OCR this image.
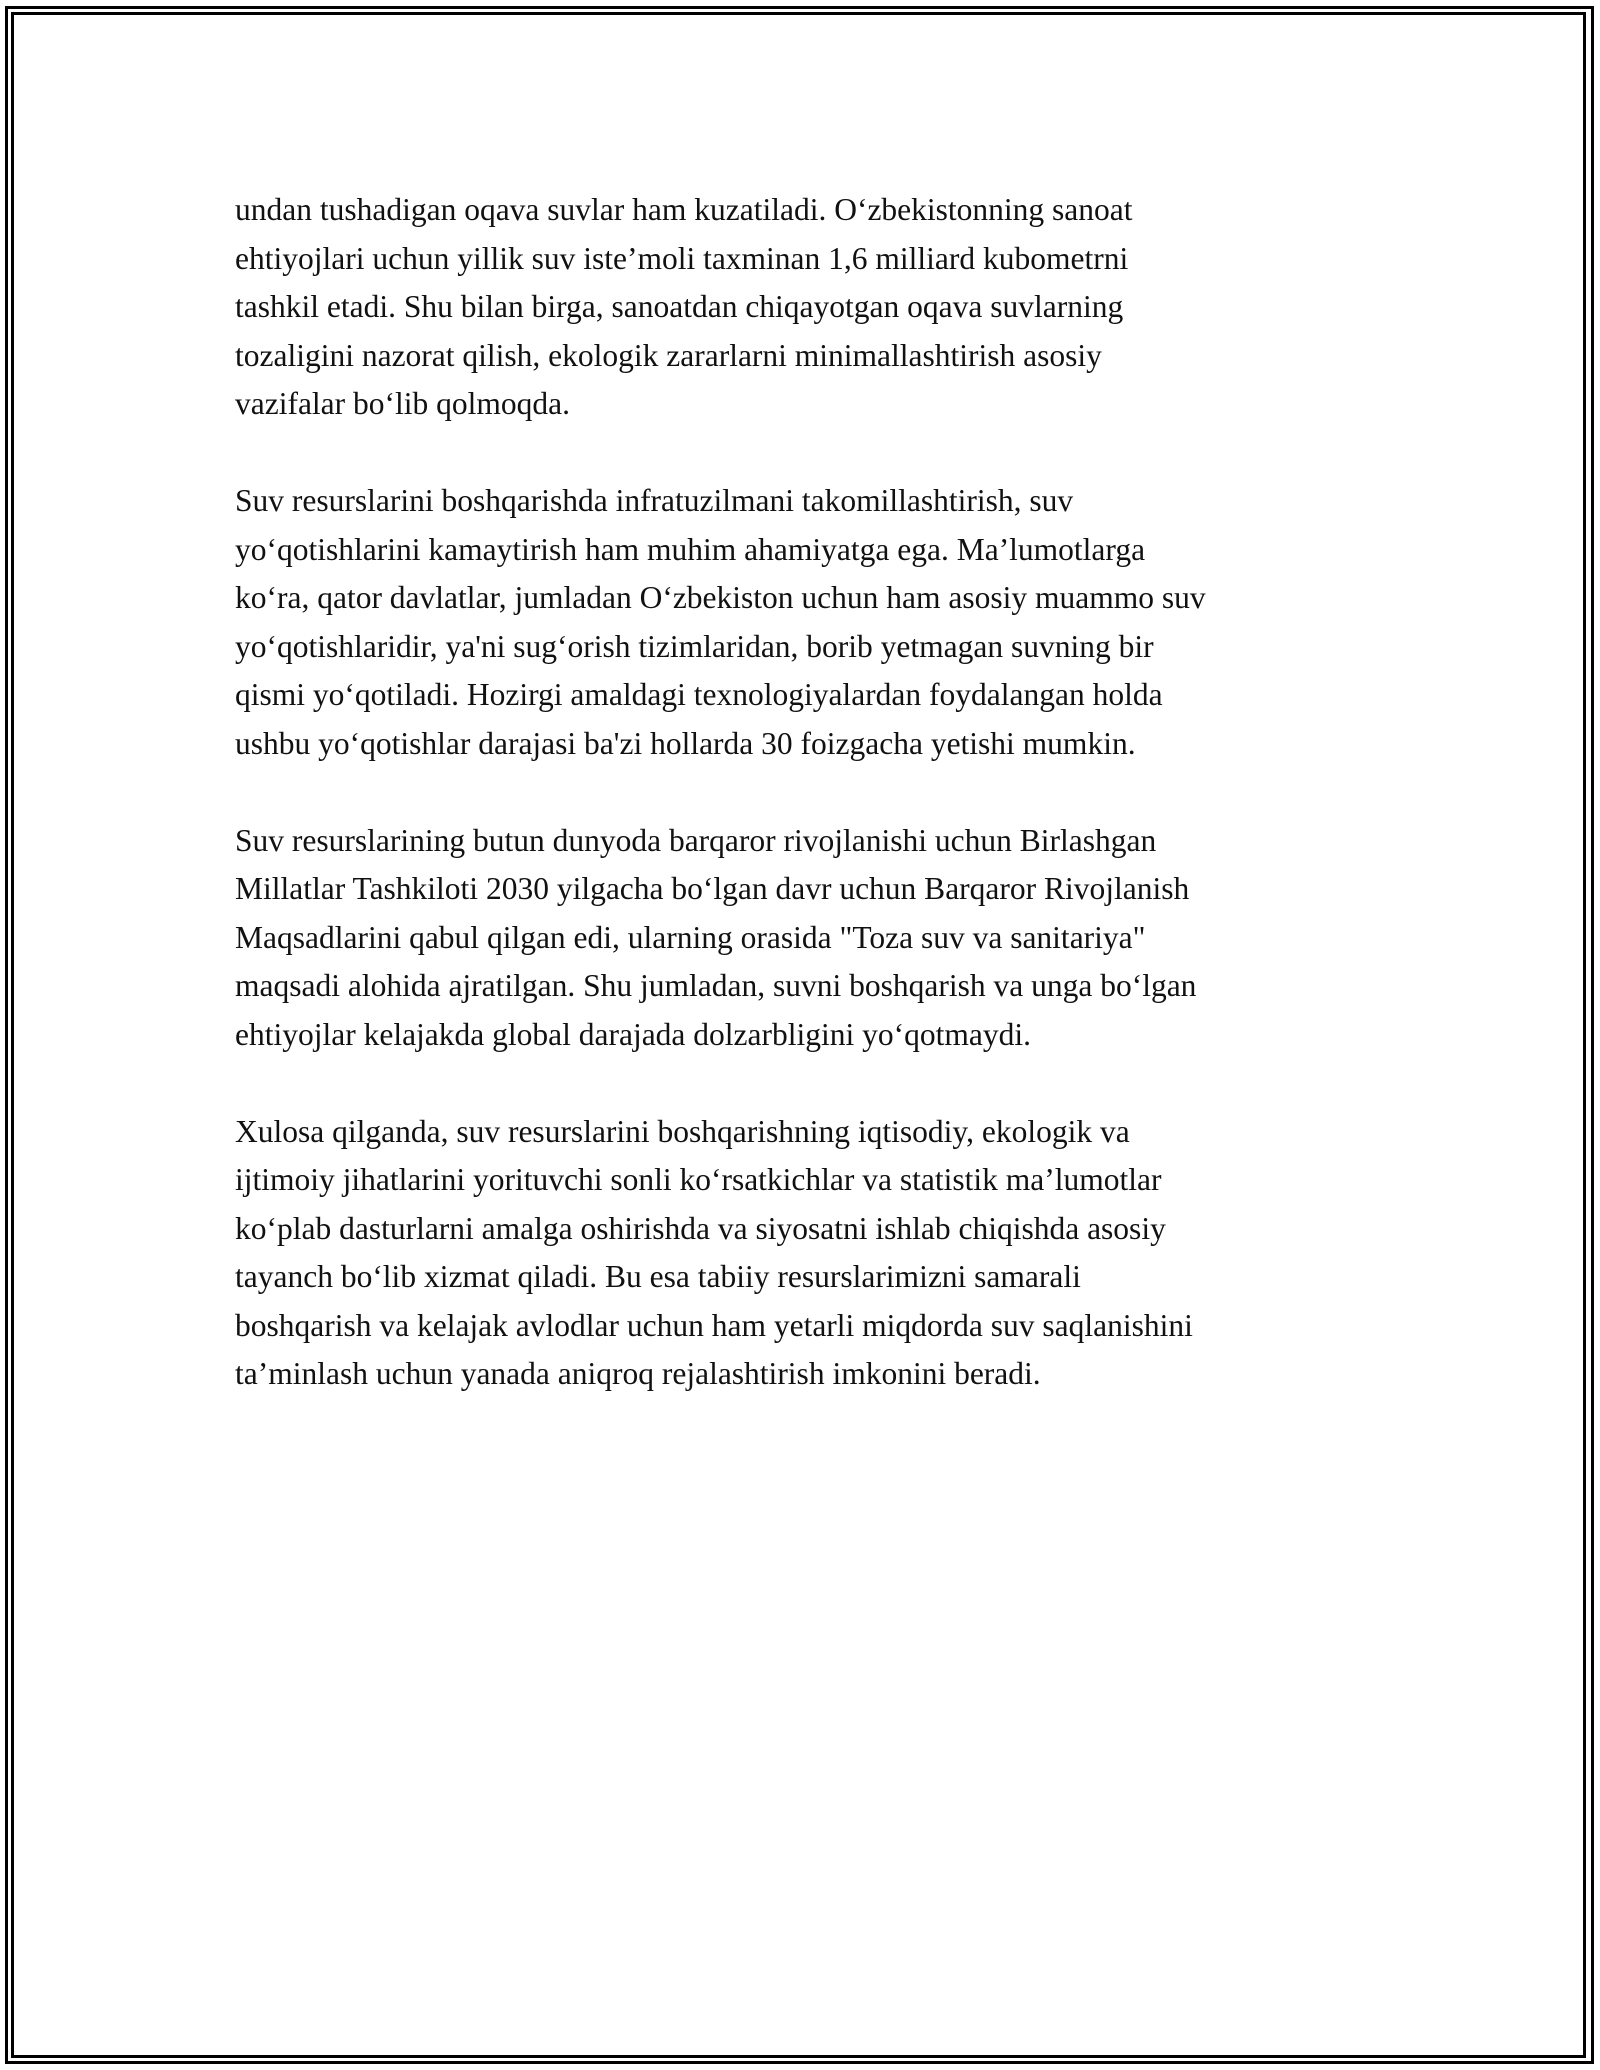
undan tushadigan oqava suvlar ham kuzatiladi. O‘zbekistonning sanoat
ehtiyojlari uchun yillik suv iste’moli taxminan 1,6 milliard kubometrni
tashkil etadi. Shu bilan birga, sanoatdan chiqayotgan oqava suvlarning
tozaligini nazorat qilish, ekologik zararlarni minimallashtirish asosiy
vazifalar bo‘lib qolmoqda.

Suv resurslarini boshqarishda infratuzilmani takomillashtirish, suv
yo‘qotishlarini kamaytirish ham muhim ahamiyatga ega. Ma’lumotlarga
ko‘ra, qator davlatlar, jumladan O‘zbekiston uchun ham asosiy muammo suv
yo‘qotishlaridir, ya'ni sug‘orish tizimlaridan, borib yetmagan suvning bir
qismi yo‘qotiladi. Hozirgi amaldagi texnologiyalardan foydalangan holda
ushbu yo‘qotishlar darajasi ba'zi hollarda 30 foizgacha yetishi mumkin.

Suv resurslarining butun dunyoda barqaror rivojlanishi uchun Birlashgan
Millatlar Tashkiloti 2030 yilgacha bo‘lgan davr uchun Barqaror Rivojlanish
Maqsadlarini qabul qilgan edi, ularning orasida "Toza suv va sanitariya"
maqsadi alohida ajratilgan. Shu jumladan, suvni boshqarish va unga bo‘lgan
ehtiyojlar kelajakda global darajada dolzarbligini yo‘qotmaydi.

Xulosa qilganda, suv resurslarini boshqarishning iqtisodiy, ekologik va
ijtimoiy jihatlarini yorituvchi sonli ko‘rsatkichlar va statistik ma’lumotlar
ko‘plab dasturlarni amalga oshirishda va siyosatni ishlab chiqishda asosiy
tayanch bo‘lib xizmat qiladi. Bu esa tabiiy resurslarimizni samarali
boshqarish va kelajak avlodlar uchun ham yetarli miqdorda suv saqlanishini
ta’minlash uchun yanada aniqroq rejalashtirish imkonini beradi.
